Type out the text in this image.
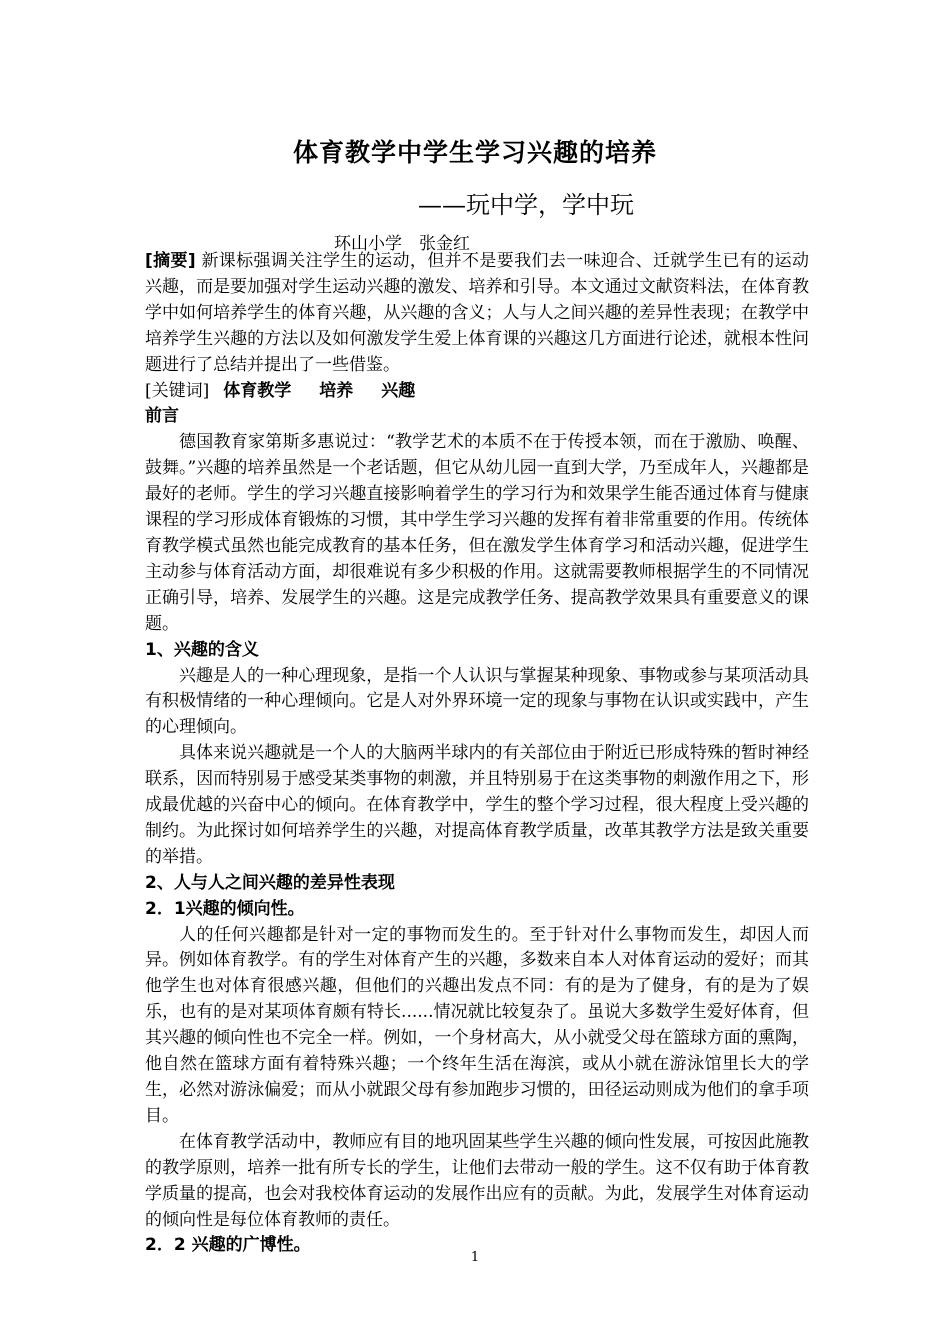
体育教学中学生学习兴趣的培养
——玩中学，学中玩
环山小学　张金红

[摘要] 新课标强调关注学生的运动，但并不是要我们去一味迎合、迁就学生已有的运动兴趣，而是要加强对学生运动兴趣的激发、培养和引导。本文通过文献资料法，在体育教学中如何培养学生的体育兴趣，从兴趣的含义；人与人之间兴趣的差异性表现；在教学中培养学生兴趣的方法以及如何激发学生爱上体育课的兴趣这几方面进行论述，就根本性问题进行了总结并提出了一些借鉴。

[关键词] 体育教学 培养 兴趣

前言

德国教育家第斯多惠说过：“教学艺术的本质不在于传授本领，而在于激励、唤醒、鼓舞。”兴趣的培养虽然是一个老话题，但它从幼儿园一直到大学，乃至成年人，兴趣都是最好的老师。学生的学习兴趣直接影响着学生的学习行为和效果学生能否通过体育与健康课程的学习形成体育锻炼的习惯，其中学生学习兴趣的发挥有着非常重要的作用。传统体育教学模式虽然也能完成教育的基本任务，但在激发学生体育学习和活动兴趣，促进学生主动参与体育活动方面，却很难说有多少积极的作用。这就需要教师根据学生的不同情况正确引导，培养、发展学生的兴趣。这是完成教学任务、提高教学效果具有重要意义的课题。

1、兴趣的含义

兴趣是人的一种心理现象，是指一个人认识与掌握某种现象、事物或参与某项活动具有积极情绪的一种心理倾向。它是人对外界环境一定的现象与事物在认识或实践中，产生的心理倾向。

具体来说兴趣就是一个人的大脑两半球内的有关部位由于附近已形成特殊的暂时神经联系，因而特别易于感受某类事物的刺激，并且特别易于在这类事物的刺激作用之下，形成最优越的兴奋中心的倾向。在体育教学中，学生的整个学习过程，很大程度上受兴趣的制约。为此探讨如何培养学生的兴趣，对提高体育教学质量，改革其教学方法是致关重要的举措。

2、人与人之间兴趣的差异性表现

2．1兴趣的倾向性。

人的任何兴趣都是针对一定的事物而发生的。至于针对什么事物而发生，却因人而异。例如体育教学。有的学生对体育产生的兴趣，多数来自本人对体育运动的爱好；而其他学生也对体育很感兴趣，但他们的兴趣出发点不同：有的是为了健身，有的是为了娱乐，也有的是对某项体育颇有特长......情况就比较复杂了。虽说大多数学生爱好体育，但其兴趣的倾向性也不完全一样。例如，一个身材高大，从小就受父母在篮球方面的熏陶，他自然在篮球方面有着特殊兴趣；一个终年生活在海滨，或从小就在游泳馆里长大的学生，必然对游泳偏爱；而从小就跟父母有参加跑步习惯的，田径运动则成为他们的拿手项目。

在体育教学活动中，教师应有目的地巩固某些学生兴趣的倾向性发展，可按因此施教的教学原则，培养一批有所专长的学生，让他们去带动一般的学生。这不仅有助于体育教学质量的提高，也会对我校体育运动的发展作出应有的贡献。为此，发展学生对体育运动的倾向性是每位体育教师的责任。

2．2 兴趣的广博性。

1
